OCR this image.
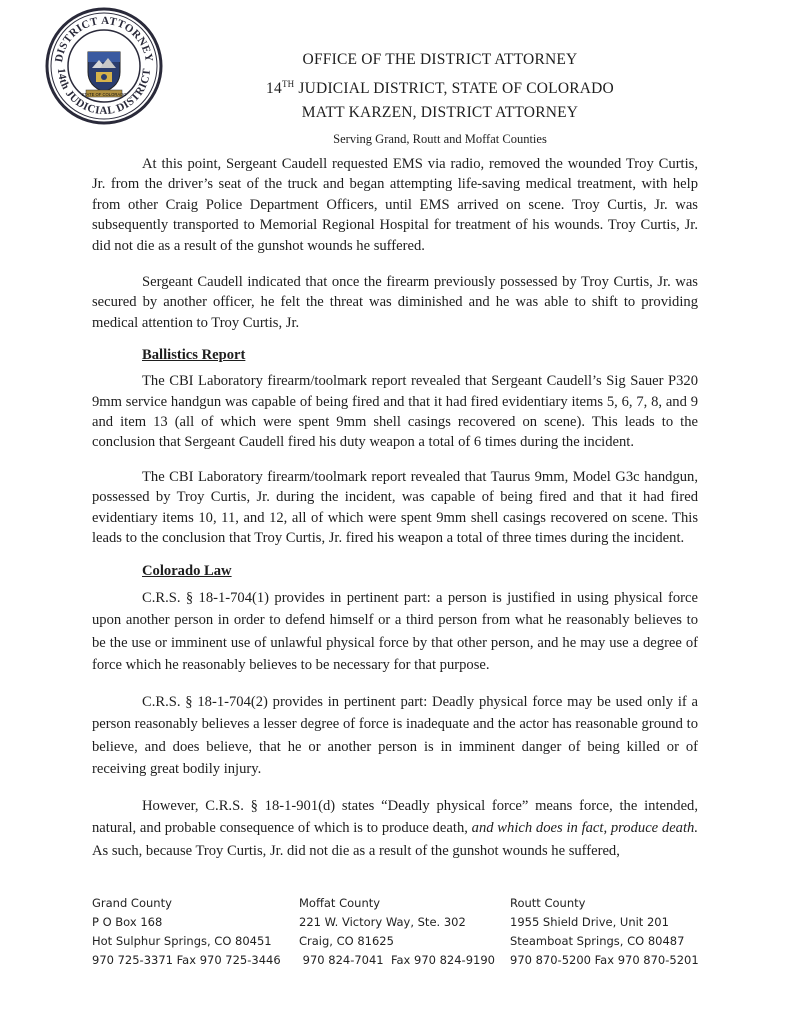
DISTRICT ATTORNEY
14th JUDICIAL DISTRICT
STATE OF COLORADO
OFFICE OF THE DISTRICT ATTORNEY
14TH JUDICIAL DISTRICT, STATE OF COLORADO
MATT KARZEN, DISTRICT ATTORNEY
Serving Grand, Routt and Moffat Counties

At this point, Sergeant Caudell requested EMS via radio, removed the wounded Troy Curtis, Jr. from the driver’s seat of the truck and began attempting life-saving medical treatment, with help from other Craig Police Department Officers, until EMS arrived on scene. Troy Curtis, Jr. was subsequently transported to Memorial Regional Hospital for treatment of his wounds. Troy Curtis, Jr. did not die as a result of the gunshot wounds he suffered.

Sergeant Caudell indicated that once the firearm previously possessed by Troy Curtis, Jr. was secured by another officer, he felt the threat was diminished and he was able to shift to providing medical attention to Troy Curtis, Jr.

Ballistics Report

The CBI Laboratory firearm/toolmark report revealed that Sergeant Caudell’s Sig Sauer P320 9mm service handgun was capable of being fired and that it had fired evidentiary items 5, 6, 7, 8, and 9 and item 13 (all of which were spent 9mm shell casings recovered on scene). This leads to the conclusion that Sergeant Caudell fired his duty weapon a total of 6 times during the incident.

The CBI Laboratory firearm/toolmark report revealed that Taurus 9mm, Model G3c handgun, possessed by Troy Curtis, Jr. during the incident, was capable of being fired and that it had fired evidentiary items 10, 11, and 12, all of which were spent 9mm shell casings recovered on scene. This leads to the conclusion that Troy Curtis, Jr. fired his weapon a total of three times during the incident.

Colorado Law

C.R.S. § 18-1-704(1) provides in pertinent part: a person is justified in using physical force upon another person in order to defend himself or a third person from what he reasonably believes to be the use or imminent use of unlawful physical force by that other person, and he may use a degree of force which he reasonably believes to be necessary for that purpose.

C.R.S. § 18-1-704(2) provides in pertinent part: Deadly physical force may be used only if a person reasonably believes a lesser degree of force is inadequate and the actor has reasonable ground to believe, and does believe, that he or another person is in imminent danger of being killed or of receiving great bodily injury.

However, C.R.S. § 18-1-901(d) states “Deadly physical force” means force, the intended, natural, and probable consequence of which is to produce death, and which does in fact, produce death. As such, because Troy Curtis, Jr. did not die as a result of the gunshot wounds he suffered,

Grand County
P O Box 168
Hot Sulphur Springs, CO 80451
970 725-3371 Fax 970 725-3446
Moffat County
221 W. Victory Way, Ste. 302
Craig, CO 81625
970 824-7041  Fax 970 824-9190
Routt County
1955 Shield Drive, Unit 201
Steamboat Springs, CO 80487
970 870-5200 Fax 970 870-5201
